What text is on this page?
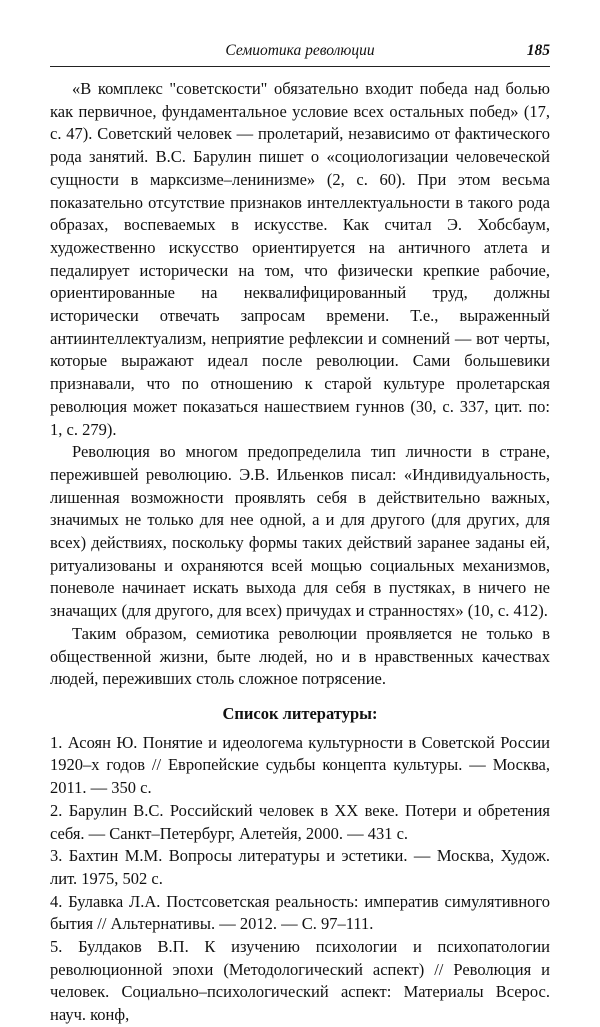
Семиотика революции	185

«В комплекс "советскости" обязательно входит победа над болью как первичное, фундаментальное условие всех остальных побед» (17, с. 47). Советский человек — пролетарий, независимо от фактического рода занятий. В.С. Барулин пишет о «социологизации человеческой сущности в марксизме–ленинизме» (2, с. 60). При этом весьма показательно отсутствие признаков интеллектуальности в такого рода образах, воспеваемых в искусстве. Как считал Э. Хобсбаум, художественно искусство ориентируется на античного атлета и педалирует исторически на том, что физически крепкие рабочие, ориентированные на неквалифицированный труд, должны исторически отвечать запросам времени. Т.е., выраженный антиинтеллектуализм, неприятие рефлексии и сомнений — вот черты, которые выражают идеал после революции. Сами большевики признавали, что по отношению к старой культуре пролетарская революция может показаться нашествием гуннов (30, с. 337, цит. по: 1, с. 279).

Революция во многом предопределила тип личности в стране, пережившей революцию. Э.В. Ильенков писал: «Индивидуальность, лишенная возможности проявлять себя в действительно важных, значимых не только для нее одной, а и для другого (для других, для всех) действиях, поскольку формы таких действий заранее заданы ей, ритуализованы и охраняются всей мощью социальных механизмов, поневоле начинает искать выхода для себя в пустяках, в ничего не значащих (для другого, для всех) причудах и странностях» (10, с. 412).

Таким образом, семиотика революции проявляется не только в общественной жизни, быте людей, но и в нравственных качествах людей, переживших столь сложное потрясение.

Список литературы:
1. Асоян Ю. Понятие и идеологема культурности в Советской России 1920–х годов // Европейские судьбы концепта культуры. — Москва, 2011. — 350 с.
2. Барулин В.С. Российский человек в ХХ веке. Потери и обретения себя. — Санкт–Петербург, Алетейя, 2000. — 431 с.
3. Бахтин М.М. Вопросы литературы и эстетики. — Москва, Худож. лит. 1975, 502 с.
4. Булавка Л.А. Постсоветская реальность: императив симулятивного бытия // Альтернативы. — 2012. — С. 97–111.
5. Булдаков В.П. К изучению психологии и психопатологии революционной эпохи (Методологический аспект) // Революция и человек. Социально–психологический аспект: Материалы Всерос. науч. конф,
